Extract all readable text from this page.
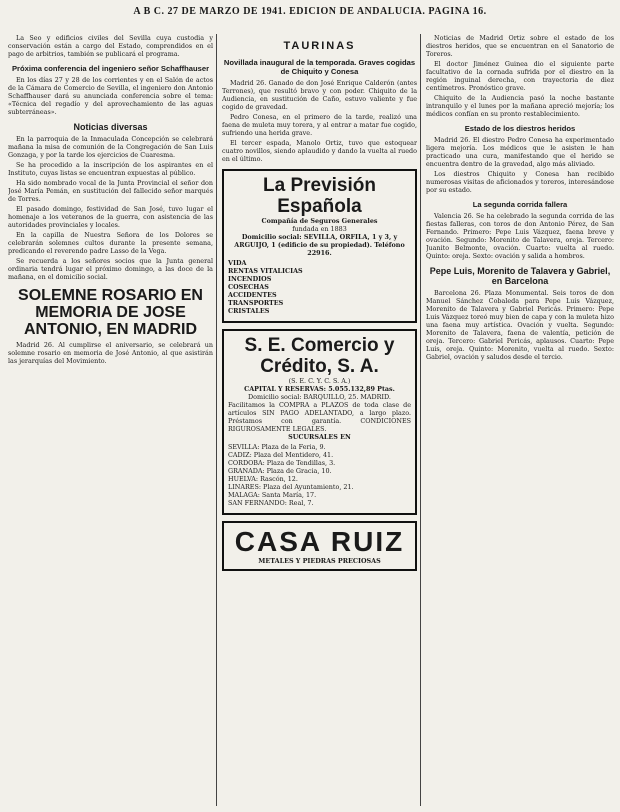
A B C. 27 DE MARZO DE 1941. EDICION DE ANDALUCIA. PAGINA 16.

La Seo y edificios civiles del Sevilla cuya custodia y conservación están a cargo del Estado, comprendidos en el pago de arbitrios, también se publicará el programa.

Próxima conferencia del ingeniero señor Schaffhauser

En los días 27 y 28 de los corrientes y en el Salón de actos de la Cámara de Comercio de Sevilla, el ingeniero don Antonio Schaffhauser dará su anunciada conferencia sobre el tema: «Técnica del regadío y del aprovechamiento de las aguas subterráneas».

Noticias diversas

En la parroquia de la Inmaculada Concepción se celebrará mañana la misa de comunión de la Congregación de San Luis Gonzaga, y por la tarde los ejercicios de Cuaresma.

Se ha procedido a la inscripción de los aspirantes en el Instituto, cuyas listas se encuentran expuestas al público.

Ha sido nombrado vocal de la Junta Provincial el señor don José María Pemán, en sustitución del fallecido señor marqués de Torres.

El pasado domingo, festividad de San José, tuvo lugar el homenaje a los veteranos de la guerra, con asistencia de las autoridades provinciales y locales.

En la capilla de Nuestra Señora de los Dolores se celebrarán solemnes cultos durante la presente semana, predicando el reverendo padre Lasso de la Vega.

Se recuerda a los señores socios que la Junta general ordinaria tendrá lugar el próximo domingo, a las doce de la mañana, en el domicilio social.

SOLEMNE ROSARIO EN MEMORIA DE JOSE ANTONIO, EN MADRID

Madrid 26. Al cumplirse el aniversario, se celebrará un solemne rosario en memoria de José Antonio, al que asistirán las jerarquías del Movimiento.

TAURINAS
Novillada inaugural de la temporada. Graves cogidas de Chiquito y Conesa

Madrid 26. Ganado de don José Enrique Calderón (antes Terrones), que resultó bravo y con poder. Chiquito de la Audiencia, en sustitución de Caño, estuvo valiente y fue cogido de gravedad.

Pedro Conesa, en el primero de la tarde, realizó una faena de muleta muy torera, y al entrar a matar fue cogido, sufriendo una herida grave.

El tercer espada, Manolo Ortiz, tuvo que estoquear cuatro novillos, siendo aplaudido y dando la vuelta al ruedo en el último.

La Previsión Española
Compañía de Seguros Generales
fundada en 1883
Domicilio social: SEVILLA, ORFILA, 1 y 3, y ARGUIJO, 1 (edificio de su propiedad). Teléfono 22916.
VIDA
RENTAS VITALICIAS
INCENDIOS
COSECHAS
ACCIDENTES
TRANSPORTES
CRISTALES
S. E. Comercio y Crédito, S. A.
(S. E. C. Y. C. S. A.)
CAPITAL Y RESERVAS: 5.055.132,89 Ptas.
Domicilio social: BARQUILLO, 25. MADRID.
Facilitamos la COMPRA a PLAZOS de toda clase de artículos SIN PAGO ADELANTADO, a largo plazo. Préstamos con garantía. CONDICIONES RIGUROSAMENTE LEGALES.
SUCURSALES EN
SEVILLA: Plaza de la Feria, 9.
CADIZ: Plaza del Mentidero, 41.
CORDOBA: Plaza de Tendillas, 3.
GRANADA: Plaza de Gracia, 10.
HUELVA: Rascón, 12.
LINARES: Plaza del Ayuntamiento, 21.
MALAGA: Santa María, 17.
SAN FERNANDO: Real, 7.
CASA RUIZ
METALES Y PIEDRAS PRECIOSAS

Noticias de Madrid Ortiz sobre el estado de los diestros heridos, que se encuentran en el Sanatorio de Toreros.

El doctor Jiménez Guinea dio el siguiente parte facultativo de la cornada sufrida por el diestro en la región inguinal derecha, con trayectoria de diez centímetros. Pronóstico grave.

Chiquito de la Audiencia pasó la noche bastante intranquilo y el lunes por la mañana apreció mejoría; los médicos confían en su pronto restablecimiento.

Estado de los diestros heridos

Madrid 26. El diestro Pedro Conesa ha experimentado ligera mejoría. Los médicos que le asisten le han practicado una cura, manifestando que el herido se encuentra dentro de la gravedad, algo más aliviado.

Los diestros Chiquito y Conesa han recibido numerosas visitas de aficionados y toreros, interesándose por su estado.

La segunda corrida fallera

Valencia 26. Se ha celebrado la segunda corrida de las fiestas falleras, con toros de don Antonio Pérez, de San Fernando. Primero: Pepe Luis Vázquez, faena breve y ovación. Segundo: Morenito de Talavera, oreja. Tercero: Juanito Belmonte, ovación. Cuarto: vuelta al ruedo. Quinto: oreja. Sexto: ovación y salida a hombros.

Pepe Luis, Morenito de Talavera y Gabriel, en Barcelona

Barcelona 26. Plaza Monumental. Seis toros de don Manuel Sánchez Cobaleda para Pepe Luis Vázquez, Morenito de Talavera y Gabriel Pericás. Primero: Pepe Luis Vázquez toreó muy bien de capa y con la muleta hizo una faena muy artística. Ovación y vuelta. Segundo: Morenito de Talavera, faena de valentía, petición de oreja. Tercero: Gabriel Pericás, aplausos. Cuarto: Pepe Luis, oreja. Quinto: Morenito, vuelta al ruedo. Sexto: Gabriel, ovación y saludos desde el tercio.
